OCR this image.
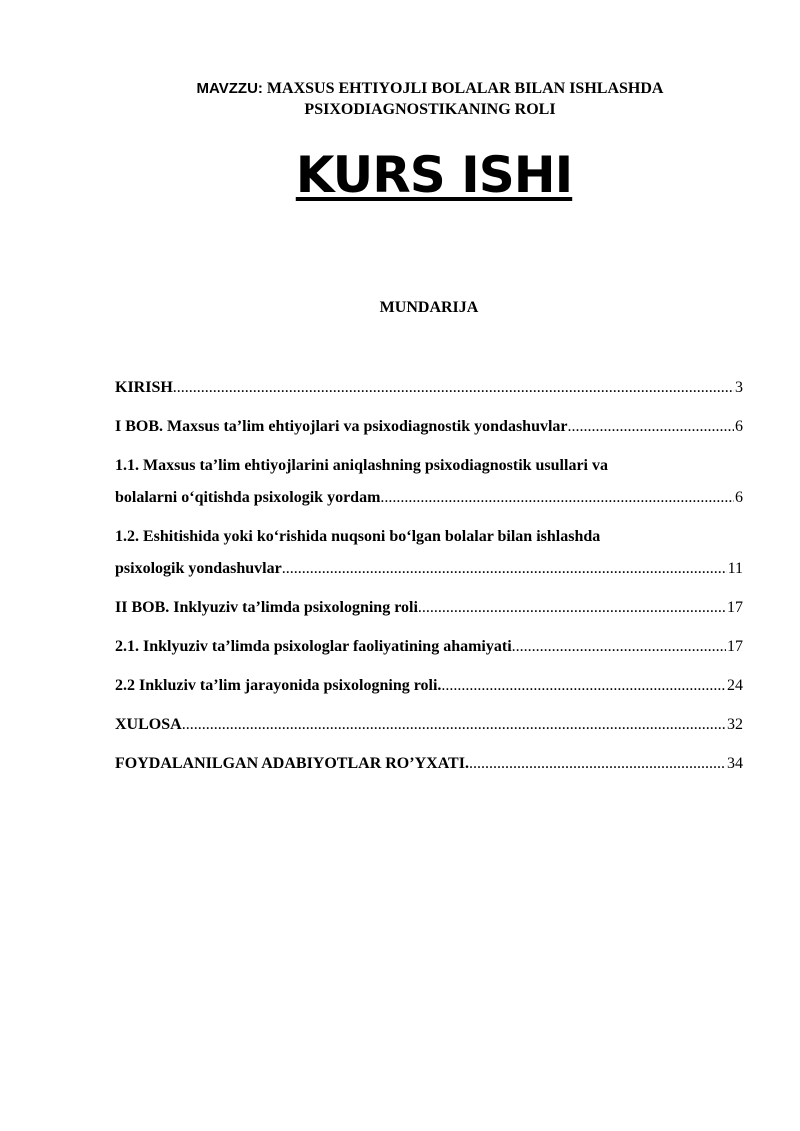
MAVZZU: MAXSUS EHTIYOJLI BOLALAR BILAN ISHLASHDA
PSIXODIAGNOSTIKANING ROLI
KURS ISHI
MUNDARIJA
KIRISH .....	3
I BOB. Maxsus ta’lim ehtiyojlari va psixodiagnostik yondashuvlar .....	6
1.1. Maxsus ta’lim ehtiyojlarini aniqlashning psixodiagnostik usullari va
bolalarni o‘qitishda psixologik yordam .....	6
1.2. Eshitishida yoki ko‘rishida nuqsoni bo‘lgan bolalar bilan ishlashda
psixologik yondashuvlar .....	11
II BOB. Inklyuziv ta’limda psixologning roli .....	17
2.1. Inklyuziv ta’limda psixologlar faoliyatining ahamiyati .....	17
2.2 Inkluziv ta’lim jarayonida psixologning roli. .....	24
XULOSA .....	32
FOYDALANILGAN ADABIYOTLAR RO’YXATI. .....	34
